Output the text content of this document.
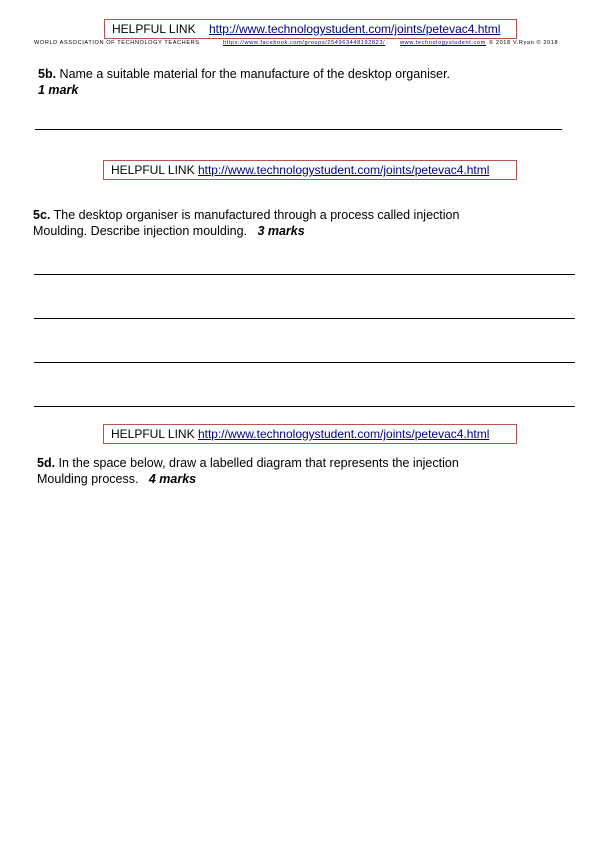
HELPFUL LINK http://www.technologystudent.com/joints/petevac4.html
WORLD ASSOCIATION OF TECHNOLOGY TEACHERS	https://www.facebook.com/groups/254963448192823/	www.technologystudent.com © 2018 V.Ryan © 2018
5b. Name a suitable material for the manufacture of the desktop organiser.
1 mark
HELPFUL LINK http://www.technologystudent.com/joints/petevac4.html
5c. The desktop organiser is manufactured through a process called injection
Moulding. Describe injection moulding. 3 marks
HELPFUL LINK http://www.technologystudent.com/joints/petevac4.html
5d. In the space below, draw a labelled diagram that represents the injection
Moulding process. 4 marks
